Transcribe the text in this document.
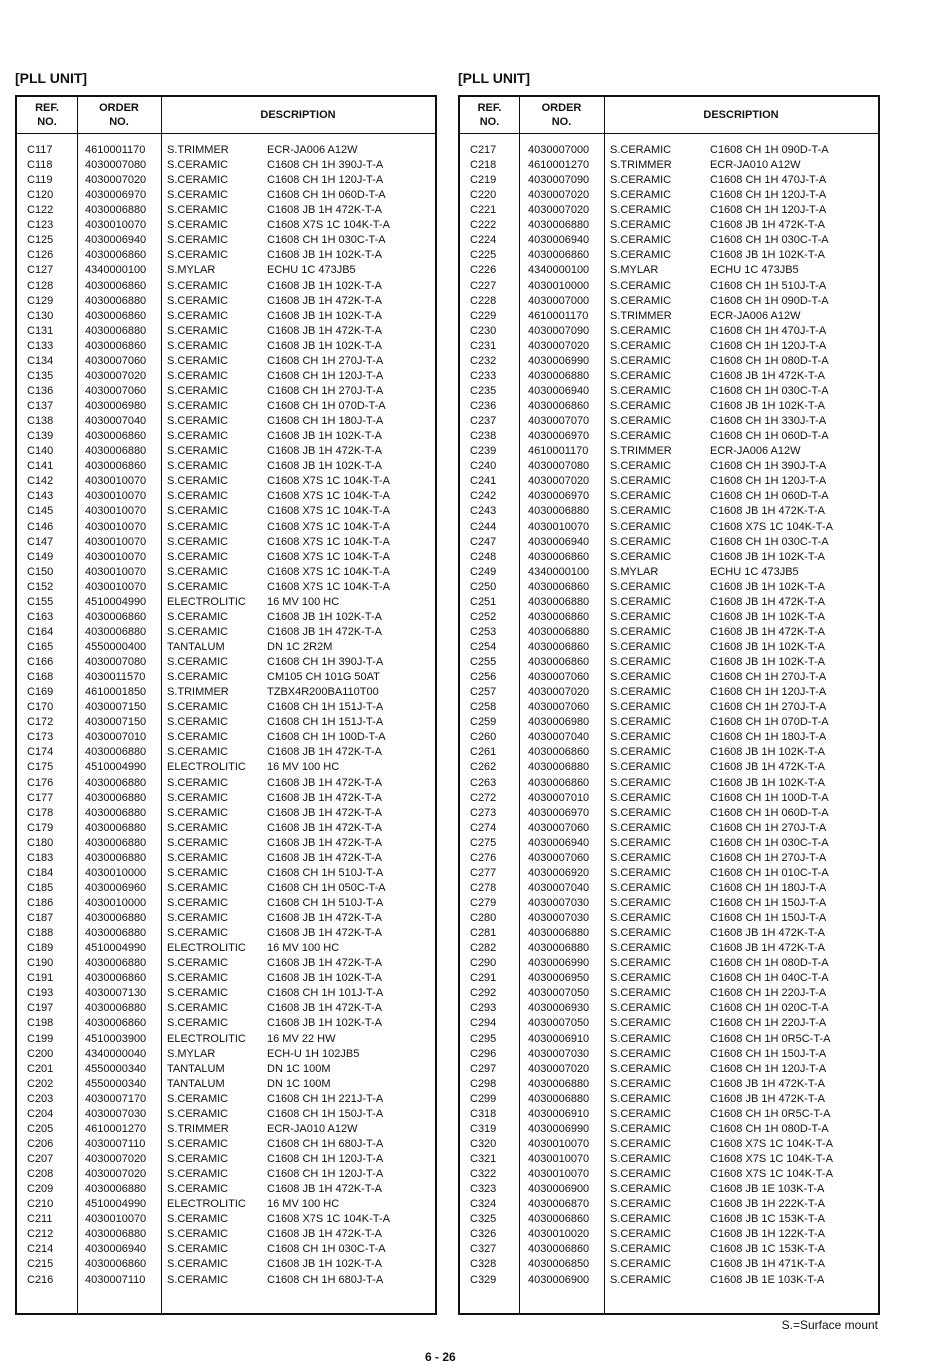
[PLL UNIT]	[PLL UNIT]
REF.
NO.
ORDER
NO.
DESCRIPTION
C117	4610001170 S.TRIMMER	ECR-JA006 A12W
C118	4030007080 S.CERAMIC	C1608 CH 1H 390J-T-A
C119	4030007020 S.CERAMIC	C1608 CH 1H 120J-T-A
C120	4030006970 S.CERAMIC	C1608 CH 1H 060D-T-A
C122	4030006880 S.CERAMIC	C1608 JB 1H 472K-T-A
C123	4030010070 S.CERAMIC	C1608 X7S 1C 104K-T-A
C125	4030006940 S.CERAMIC	C1608 CH 1H 030C-T-A
C126	4030006860 S.CERAMIC	C1608 JB 1H 102K-T-A
C127	4340000100 S.MYLAR	ECHU 1C 473JB5
C128	4030006860 S.CERAMIC	C1608 JB 1H 102K-T-A
C129	4030006880 S.CERAMIC	C1608 JB 1H 472K-T-A
C130	4030006860 S.CERAMIC	C1608 JB 1H 102K-T-A
C131	4030006880 S.CERAMIC	C1608 JB 1H 472K-T-A
C133	4030006860 S.CERAMIC	C1608 JB 1H 102K-T-A
C134	4030007060 S.CERAMIC	C1608 CH 1H 270J-T-A
C135	4030007020 S.CERAMIC	C1608 CH 1H 120J-T-A
C136	4030007060 S.CERAMIC	C1608 CH 1H 270J-T-A
C137	4030006980 S.CERAMIC	C1608 CH 1H 070D-T-A
C138	4030007040 S.CERAMIC	C1608 CH 1H 180J-T-A
C139	4030006860 S.CERAMIC	C1608 JB 1H 102K-T-A
C140	4030006880 S.CERAMIC	C1608 JB 1H 472K-T-A
C141	4030006860 S.CERAMIC	C1608 JB 1H 102K-T-A
C142	4030010070 S.CERAMIC	C1608 X7S 1C 104K-T-A
C143	4030010070 S.CERAMIC	C1608 X7S 1C 104K-T-A
C145	4030010070 S.CERAMIC	C1608 X7S 1C 104K-T-A
C146	4030010070 S.CERAMIC	C1608 X7S 1C 104K-T-A
C147	4030010070 S.CERAMIC	C1608 X7S 1C 104K-T-A
C149	4030010070 S.CERAMIC	C1608 X7S 1C 104K-T-A
C150	4030010070 S.CERAMIC	C1608 X7S 1C 104K-T-A
C152	4030010070 S.CERAMIC	C1608 X7S 1C 104K-T-A
C155	4510004990 ELECTROLITIC 16 MV 100 HC
C163	4030006860 S.CERAMIC	C1608 JB 1H 102K-T-A
C164	4030006880 S.CERAMIC	C1608 JB 1H 472K-T-A
C165	4550000400 TANTALUM	DN 1C 2R2M
C166	4030007080 S.CERAMIC	C1608 CH 1H 390J-T-A
C168	4030011570 S.CERAMIC	CM105 CH 101G 50AT
C169	4610001850 S.TRIMMER	TZBX4R200BA110T00
C170	4030007150 S.CERAMIC	C1608 CH 1H 151J-T-A
C172	4030007150 S.CERAMIC	C1608 CH 1H 151J-T-A
C173	4030007010 S.CERAMIC	C1608 CH 1H 100D-T-A
C174	4030006880 S.CERAMIC	C1608 JB 1H 472K-T-A
C175	4510004990 ELECTROLITIC 16 MV 100 HC
C176	4030006880 S.CERAMIC	C1608 JB 1H 472K-T-A
C177	4030006880 S.CERAMIC	C1608 JB 1H 472K-T-A
C178	4030006880 S.CERAMIC	C1608 JB 1H 472K-T-A
C179	4030006880 S.CERAMIC	C1608 JB 1H 472K-T-A
C180	4030006880 S.CERAMIC	C1608 JB 1H 472K-T-A
C183	4030006880 S.CERAMIC	C1608 JB 1H 472K-T-A
C184	4030010000 S.CERAMIC	C1608 CH 1H 510J-T-A
C185	4030006960 S.CERAMIC	C1608 CH 1H 050C-T-A
C186	4030010000 S.CERAMIC	C1608 CH 1H 510J-T-A
C187	4030006880 S.CERAMIC	C1608 JB 1H 472K-T-A
C188	4030006880 S.CERAMIC	C1608 JB 1H 472K-T-A
C189	4510004990 ELECTROLITIC 16 MV 100 HC
C190	4030006880 S.CERAMIC	C1608 JB 1H 472K-T-A
C191	4030006860 S.CERAMIC	C1608 JB 1H 102K-T-A
C193	4030007130 S.CERAMIC	C1608 CH 1H 101J-T-A
C197	4030006880 S.CERAMIC	C1608 JB 1H 472K-T-A
C198	4030006860 S.CERAMIC	C1608 JB 1H 102K-T-A
C199	4510003900 ELECTROLITIC 16 MV 22 HW
C200	4340000040 S.MYLAR	ECH-U 1H 102JB5
C201	4550000340 TANTALUM	DN 1C 100M
C202	4550000340 TANTALUM	DN 1C 100M
C203	4030007170 S.CERAMIC	C1608 CH 1H 221J-T-A
C204	4030007030 S.CERAMIC	C1608 CH 1H 150J-T-A
C205	4610001270 S.TRIMMER	ECR-JA010 A12W
C206	4030007110 S.CERAMIC	C1608 CH 1H 680J-T-A
C207	4030007020 S.CERAMIC	C1608 CH 1H 120J-T-A
C208	4030007020 S.CERAMIC	C1608 CH 1H 120J-T-A
C209	4030006880 S.CERAMIC	C1608 JB 1H 472K-T-A
C210	4510004990 ELECTROLITIC 16 MV 100 HC
C211	4030010070 S.CERAMIC	C1608 X7S 1C 104K-T-A
C212	4030006880 S.CERAMIC	C1608 JB 1H 472K-T-A
C214	4030006940 S.CERAMIC	C1608 CH 1H 030C-T-A
C215	4030006860 S.CERAMIC	C1608 JB 1H 102K-T-A
C216	4030007110 S.CERAMIC	C1608 CH 1H 680J-T-A
REF.
NO.
ORDER
NO.
DESCRIPTION
C217	4030007000 S.CERAMIC	C1608 CH 1H 090D-T-A
C218	4610001270 S.TRIMMER	ECR-JA010 A12W
C219	4030007090 S.CERAMIC	C1608 CH 1H 470J-T-A
C220	4030007020 S.CERAMIC	C1608 CH 1H 120J-T-A
C221	4030007020 S.CERAMIC	C1608 CH 1H 120J-T-A
C222	4030006880 S.CERAMIC	C1608 JB 1H 472K-T-A
C224	4030006940 S.CERAMIC	C1608 CH 1H 030C-T-A
C225	4030006860 S.CERAMIC	C1608 JB 1H 102K-T-A
C226	4340000100 S.MYLAR	ECHU 1C 473JB5
C227	4030010000 S.CERAMIC	C1608 CH 1H 510J-T-A
C228	4030007000 S.CERAMIC	C1608 CH 1H 090D-T-A
C229	4610001170 S.TRIMMER	ECR-JA006 A12W
C230	4030007090 S.CERAMIC	C1608 CH 1H 470J-T-A
C231	4030007020 S.CERAMIC	C1608 CH 1H 120J-T-A
C232	4030006990 S.CERAMIC	C1608 CH 1H 080D-T-A
C233	4030006880 S.CERAMIC	C1608 JB 1H 472K-T-A
C235	4030006940 S.CERAMIC	C1608 CH 1H 030C-T-A
C236	4030006860 S.CERAMIC	C1608 JB 1H 102K-T-A
C237	4030007070 S.CERAMIC	C1608 CH 1H 330J-T-A
C238	4030006970 S.CERAMIC	C1608 CH 1H 060D-T-A
C239	4610001170 S.TRIMMER	ECR-JA006 A12W
C240	4030007080 S.CERAMIC	C1608 CH 1H 390J-T-A
C241	4030007020 S.CERAMIC	C1608 CH 1H 120J-T-A
C242	4030006970 S.CERAMIC	C1608 CH 1H 060D-T-A
C243	4030006880 S.CERAMIC	C1608 JB 1H 472K-T-A
C244	4030010070 S.CERAMIC	C1608 X7S 1C 104K-T-A
C247	4030006940 S.CERAMIC	C1608 CH 1H 030C-T-A
C248	4030006860 S.CERAMIC	C1608 JB 1H 102K-T-A
C249	4340000100 S.MYLAR	ECHU 1C 473JB5
C250	4030006860 S.CERAMIC	C1608 JB 1H 102K-T-A
C251	4030006880 S.CERAMIC	C1608 JB 1H 472K-T-A
C252	4030006860 S.CERAMIC	C1608 JB 1H 102K-T-A
C253	4030006880 S.CERAMIC	C1608 JB 1H 472K-T-A
C254	4030006860 S.CERAMIC	C1608 JB 1H 102K-T-A
C255	4030006860 S.CERAMIC	C1608 JB 1H 102K-T-A
C256	4030007060 S.CERAMIC	C1608 CH 1H 270J-T-A
C257	4030007020 S.CERAMIC	C1608 CH 1H 120J-T-A
C258	4030007060 S.CERAMIC	C1608 CH 1H 270J-T-A
C259	4030006980 S.CERAMIC	C1608 CH 1H 070D-T-A
C260	4030007040 S.CERAMIC	C1608 CH 1H 180J-T-A
C261	4030006860 S.CERAMIC	C1608 JB 1H 102K-T-A
C262	4030006880 S.CERAMIC	C1608 JB 1H 472K-T-A
C263	4030006860 S.CERAMIC	C1608 JB 1H 102K-T-A
C272	4030007010 S.CERAMIC	C1608 CH 1H 100D-T-A
C273	4030006970 S.CERAMIC	C1608 CH 1H 060D-T-A
C274	4030007060 S.CERAMIC	C1608 CH 1H 270J-T-A
C275	4030006940 S.CERAMIC	C1608 CH 1H 030C-T-A
C276	4030007060 S.CERAMIC	C1608 CH 1H 270J-T-A
C277	4030006920 S.CERAMIC	C1608 CH 1H 010C-T-A
C278	4030007040 S.CERAMIC	C1608 CH 1H 180J-T-A
C279	4030007030 S.CERAMIC	C1608 CH 1H 150J-T-A
C280	4030007030 S.CERAMIC	C1608 CH 1H 150J-T-A
C281	4030006880 S.CERAMIC	C1608 JB 1H 472K-T-A
C282	4030006880 S.CERAMIC	C1608 JB 1H 472K-T-A
C290	4030006990 S.CERAMIC	C1608 CH 1H 080D-T-A
C291	4030006950 S.CERAMIC	C1608 CH 1H 040C-T-A
C292	4030007050 S.CERAMIC	C1608 CH 1H 220J-T-A
C293	4030006930 S.CERAMIC	C1608 CH 1H 020C-T-A
C294	4030007050 S.CERAMIC	C1608 CH 1H 220J-T-A
C295	4030006910 S.CERAMIC	C1608 CH 1H 0R5C-T-A
C296	4030007030 S.CERAMIC	C1608 CH 1H 150J-T-A
C297	4030007020 S.CERAMIC	C1608 CH 1H 120J-T-A
C298	4030006880 S.CERAMIC	C1608 JB 1H 472K-T-A
C299	4030006880 S.CERAMIC	C1608 JB 1H 472K-T-A
C318	4030006910 S.CERAMIC	C1608 CH 1H 0R5C-T-A
C319	4030006990 S.CERAMIC	C1608 CH 1H 080D-T-A
C320	4030010070 S.CERAMIC	C1608 X7S 1C 104K-T-A
C321	4030010070 S.CERAMIC	C1608 X7S 1C 104K-T-A
C322	4030010070 S.CERAMIC	C1608 X7S 1C 104K-T-A
C323	4030006900 S.CERAMIC	C1608 JB 1E 103K-T-A
C324	4030006870 S.CERAMIC	C1608 JB 1H 222K-T-A
C325	4030006860 S.CERAMIC	C1608 JB 1C 153K-T-A
C326	4030010020 S.CERAMIC	C1608 JB 1H 122K-T-A
C327	4030006860 S.CERAMIC	C1608 JB 1C 153K-T-A
C328	4030006850 S.CERAMIC	C1608 JB 1H 471K-T-A
C329	4030006900 S.CERAMIC	C1608 JB 1E 103K-T-A
S.=Surface mount
6 - 26
